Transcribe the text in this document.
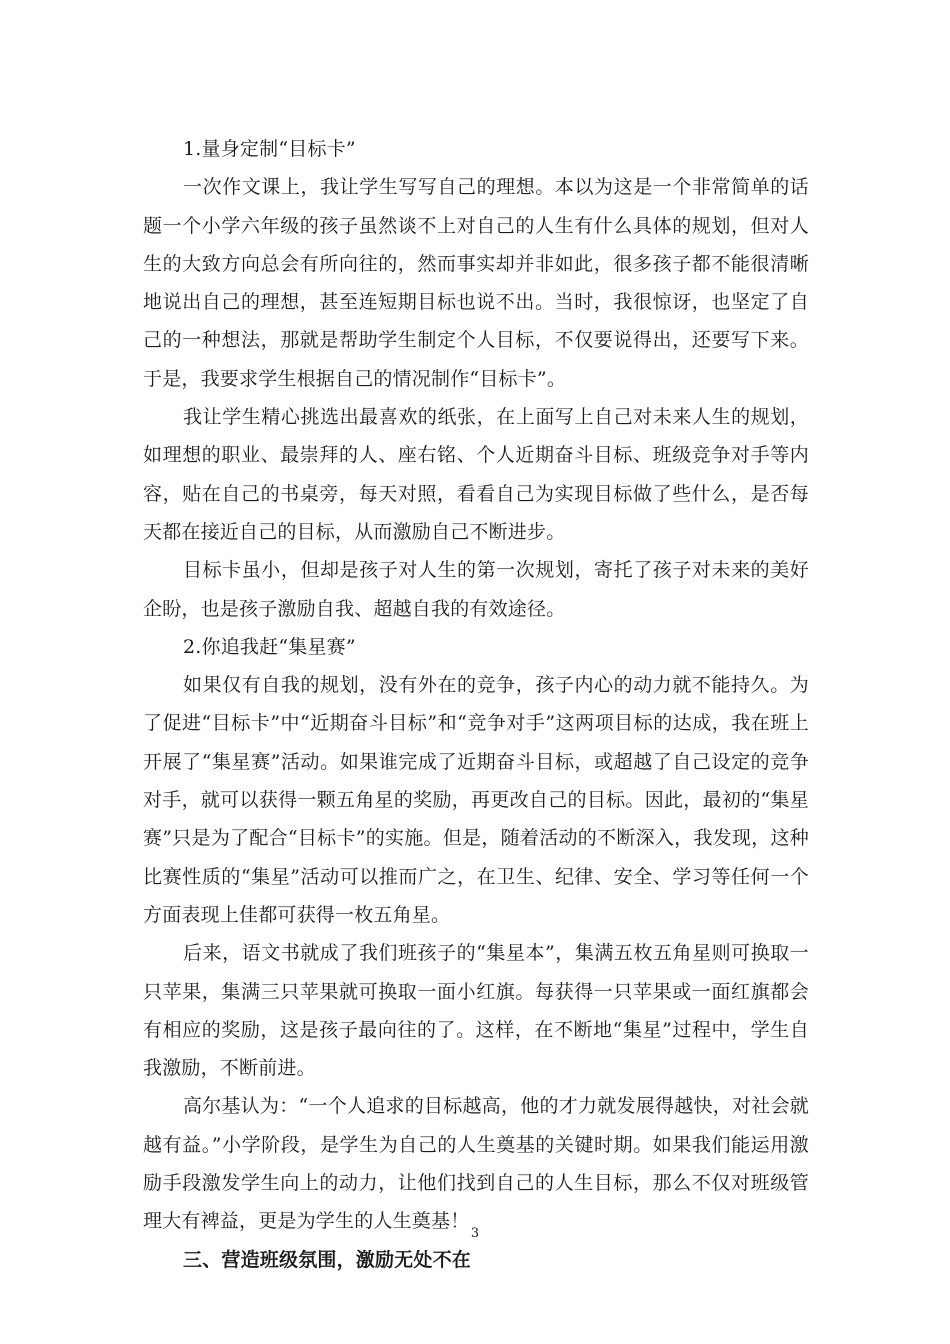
1.量身定制“目标卡”

一次作文课上，我让学生写写自己的理想。本以为这是一个非常简单的话题一个小学六年级的孩子虽然谈不上对自己的人生有什么具体的规划，但对人生的大致方向总会有所向往的，然而事实却并非如此，很多孩子都不能很清晰地说出自己的理想，甚至连短期目标也说不出。当时，我很惊讶，也坚定了自己的一种想法，那就是帮助学生制定个人目标，不仅要说得出，还要写下来。于是，我要求学生根据自己的情况制作“目标卡”。

我让学生精心挑选出最喜欢的纸张，在上面写上自己对未来人生的规划，如理想的职业、最崇拜的人、座右铭、个人近期奋斗目标、班级竞争对手等内容，贴在自己的书桌旁，每天对照，看看自己为实现目标做了些什么，是否每天都在接近自己的目标，从而激励自己不断进步。

目标卡虽小，但却是孩子对人生的第一次规划，寄托了孩子对未来的美好企盼，也是孩子激励自我、超越自我的有效途径。

2.你追我赶“集星赛”

如果仅有自我的规划，没有外在的竞争，孩子内心的动力就不能持久。为了促进“目标卡”中“近期奋斗目标”和“竞争对手”这两项目标的达成，我在班上开展了“集星赛”活动。如果谁完成了近期奋斗目标，或超越了自己设定的竞争对手，就可以获得一颗五角星的奖励，再更改自己的目标。因此，最初的“集星赛”只是为了配合“目标卡”的实施。但是，随着活动的不断深入，我发现，这种比赛性质的“集星”活动可以推而广之，在卫生、纪律、安全、学习等任何一个方面表现上佳都可获得一枚五角星。

后来，语文书就成了我们班孩子的“集星本”，集满五枚五角星则可换取一只苹果，集满三只苹果就可换取一面小红旗。每获得一只苹果或一面红旗都会有相应的奖励，这是孩子最向往的了。这样，在不断地“集星”过程中，学生自我激励，不断前进。

高尔基认为：“一个人追求的目标越高，他的才力就发展得越快，对社会就越有益。”小学阶段，是学生为自己的人生奠基的关键时期。如果我们能运用激励手段激发学生向上的动力，让他们找到自己的人生目标，那么不仅对班级管理大有裨益，更是为学生的人生奠基！

三、营造班级氛围，激励无处不在

3
